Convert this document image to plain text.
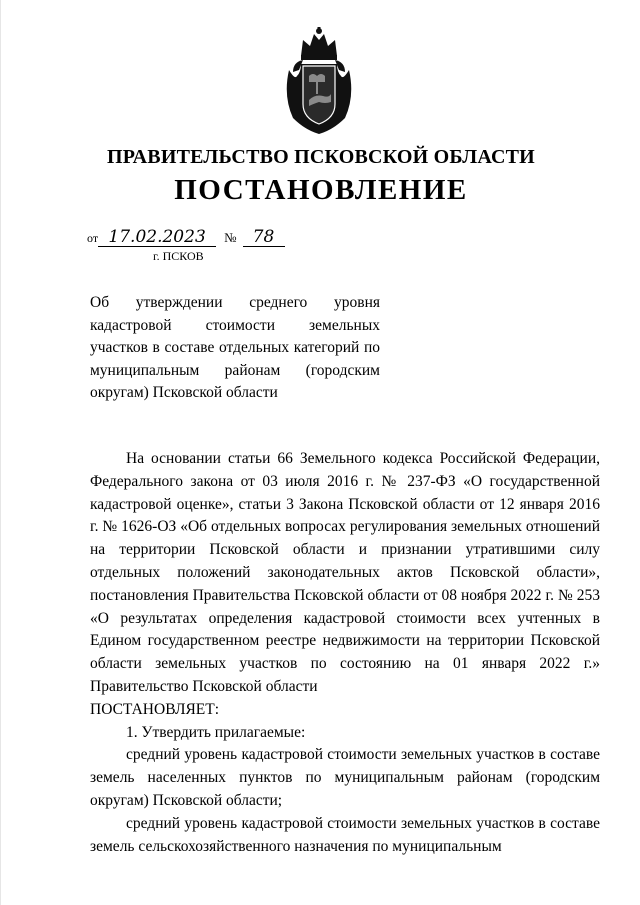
ПРАВИТЕЛЬСТВО ПСКОВСКОЙ ОБЛАСТИ
ПОСТАНОВЛЕНИЕ
от 17.02.2023 № 78
г. ПСКОВ
Об утверждении среднего уровня кадастровой стоимости земельных участков в составе отдельных категорий по муниципальным районам (городским округам) Псковской области

На основании статьи 66 Земельного кодекса Российской Федерации, Федерального закона от 03 июля 2016 г. № 237-ФЗ «О государственной кадастровой оценке», статьи 3 Закона Псковской области от 12 января 2016 г. № 1626-ОЗ «Об отдельных вопросах регулирования земельных отношений на территории Псковской области и признании утратившими силу отдельных положений законодательных актов Псковской области», постановления Правительства Псковской области от 08 ноября 2022 г. № 253 «О результатах определения кадастровой стоимости всех учтенных в Едином государственном реестре недвижимости на территории Псковской области земельных участков по состоянию на 01 января 2022 г.» Правительство Псковской области

ПОСТАНОВЛЯЕТ:

1. Утвердить прилагаемые:

средний уровень кадастровой стоимости земельных участков в составе земель населенных пунктов по муниципальным районам (городским округам) Псковской области;

средний уровень кадастровой стоимости земельных участков в составе земель сельскохозяйственного назначения по муниципальным
